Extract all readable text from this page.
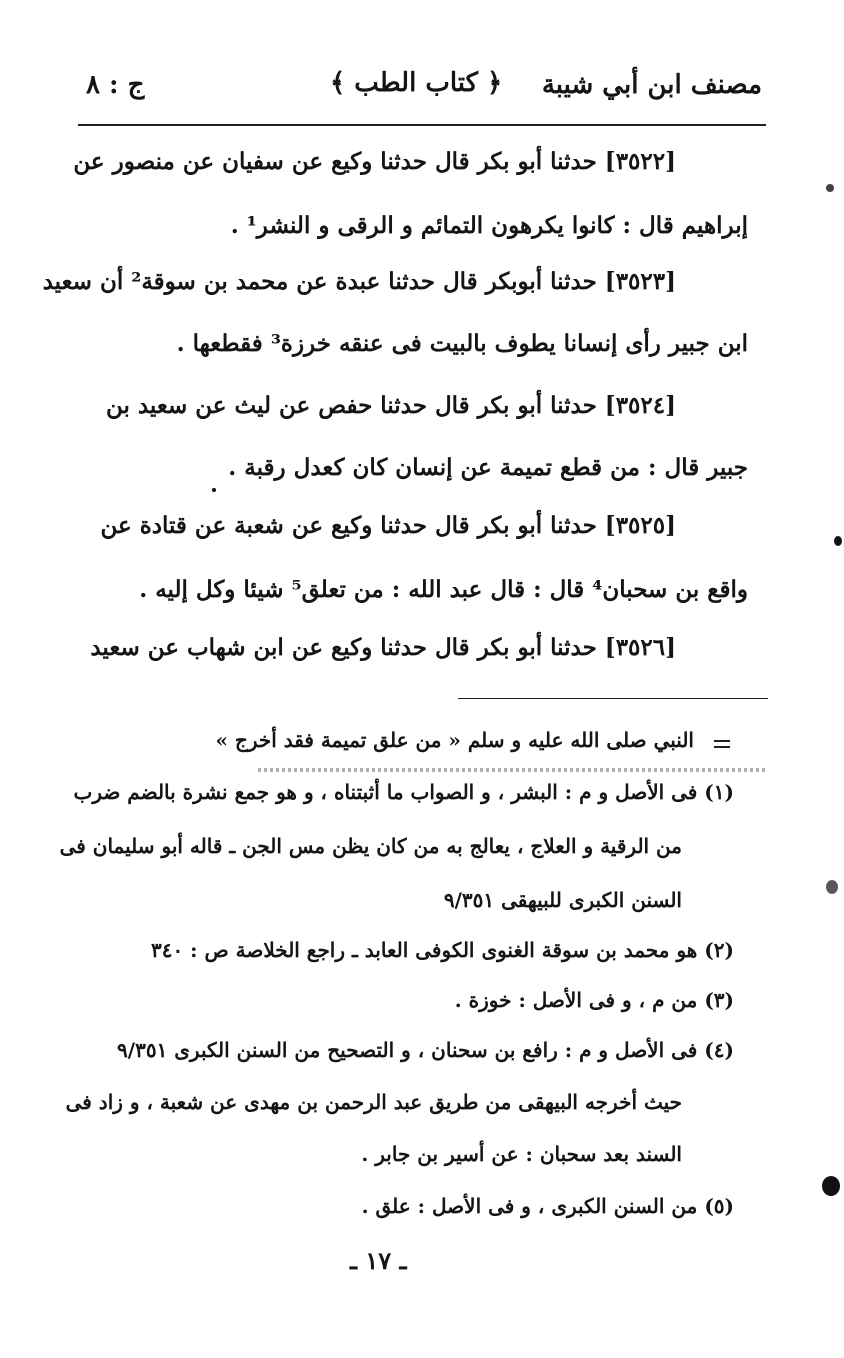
مصنف ابن أبي شيبة
﴿ كتاب الطب ﴾
ج : ٨
[٣٥٢٢] حدثنا أبو بكر قال حدثنا وكيع عن سفيان عن منصور عن
إبراهيم قال : كانوا يكرهون التمائم و الرقى و النشر¹ .
[٣٥٢٣] حدثنا أبوبكر قال حدثنا عبدة عن محمد بن سوقة² أن سعيد
ابن جبير رأى إنسانا يطوف بالبيت فى عنقه خرزة³ فقطعها .
[٣٥٢٤] حدثنا أبو بكر قال حدثنا حفص عن ليث عن سعيد بن
جبير قال : من قطع تميمة عن إنسان كان كعدل رقبة .
[٣٥٢٥] حدثنا أبو بكر قال حدثنا وكيع عن شعبة عن قتادة عن
واقع بن سحبان⁴ قال : قال عبد الله : من تعلق⁵ شيئا وكل إليه .
[٣٥٢٦] حدثنا أبو بكر قال حدثنا وكيع عن ابن شهاب عن سعيد
النبي صلى الله عليه و سلم « من علق تميمة فقد أخرج »
(١) فى الأصل و م : البشر ، و الصواب ما أثبتناه ، و هو جمع نشرة بالضم ضرب
من الرقية و العلاج ، يعالج به من كان يظن مس الجن ـ قاله أبو سليمان فى
السنن الكبرى للبيهقى ٩/٣٥١
(٢) هو محمد بن سوقة الغنوى الكوفى العابد ـ راجع الخلاصة ص : ٣٤٠
(٣) من م ، و فى الأصل : خوزة .
(٤) فى الأصل و م : رافع بن سحنان ، و التصحيح من السنن الكبرى ٩/٣٥١
حيث أخرجه البيهقى من طريق عبد الرحمن بن مهدى عن شعبة ، و زاد فى
السند بعد سحبان : عن أسير بن جابر .
(٥) من السنن الكبرى ، و فى الأصل : علق .
ـ ١٧ ـ
